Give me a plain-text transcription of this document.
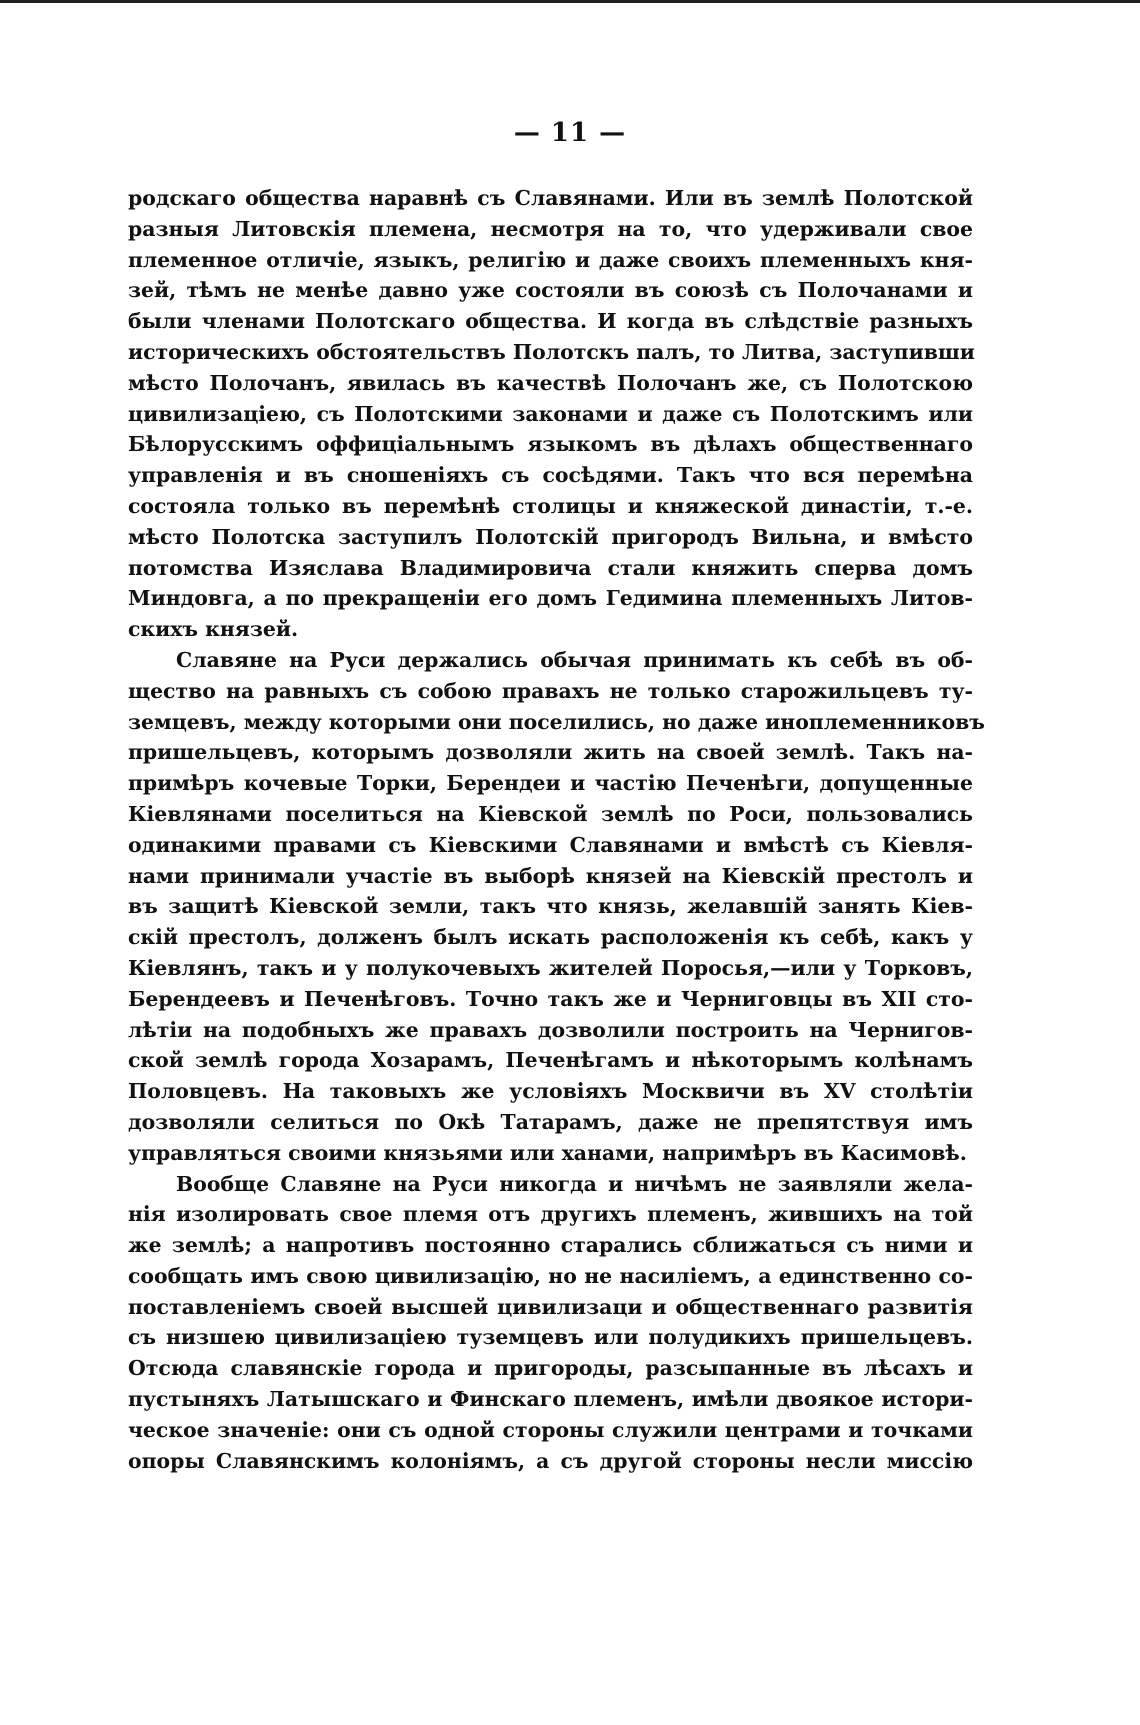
— 11 —
родскаго общества наравнѣ съ Славянами. Или въ землѣ Полотской
разныя Литовскія племена, несмотря на то, что удерживали свое
племенное отличіе, языкъ, религію и даже своихъ племенныхъ кня-
зей, тѣмъ не менѣе давно уже состояли въ союзѣ съ Полочанами и
были членами Полотскаго общества. И когда въ слѣдствіе разныхъ
историческихъ обстоятельствъ Полотскъ палъ, то Литва, заступивши
мѣсто Полочанъ, явилась въ качествѣ Полочанъ же, съ Полотскою
цивилизаціею, съ Полотскими законами и даже съ Полотскимъ или
Бѣлорусскимъ оффиціальнымъ языкомъ въ дѣлахъ общественнаго
управленія и въ сношеніяхъ съ сосѣдями. Такъ что вся перемѣна
состояла только въ перемѣнѣ столицы и княжеской династіи, т.-е.
мѣсто Полотска заступилъ Полотскій пригородъ Вильна, и вмѣсто
потомства Изяслава Владимировича стали княжить сперва домъ
Миндовга, а по прекращеніи его домъ Гедимина племенныхъ Литов-
скихъ князей.
Славяне на Руси держались обычая принимать къ себѣ въ об-
щество на равныхъ съ собою правахъ не только старожильцевъ ту-
земцевъ, между которыми они поселились, но даже иноплеменниковъ
пришельцевъ, которымъ дозволяли жить на своей землѣ. Такъ на-
примѣръ кочевые Торки, Берендеи и частію Печенѣги, допущенные
Кіевлянами поселиться на Кіевской землѣ по Роси, пользовались
одинакими правами съ Кіевскими Славянами и вмѣстѣ съ Кіевля-
нами принимали участіе въ выборѣ князей на Кіевскій престолъ и
въ защитѣ Кіевской земли, такъ что князь, желавшій занять Кіев-
скій престолъ, долженъ былъ искать расположенія къ себѣ, какъ у
Кіевлянъ, такъ и у полукочевыхъ жителей Поросья,—или у Торковъ,
Берендеевъ и Печенѣговъ. Точно такъ же и Черниговцы въ XII сто-
лѣтіи на подобныхъ же правахъ дозволили построить на Чернигов-
ской землѣ города Хозарамъ, Печенѣгамъ и нѣкоторымъ колѣнамъ
Половцевъ. На таковыхъ же условіяхъ Москвичи въ XV столѣтіи
дозволяли селиться по Окѣ Татарамъ, даже не препятствуя имъ
управляться своими князьями или ханами, напримѣръ въ Касимовѣ.
Вообще Славяне на Руси никогда и ничѣмъ не заявляли жела-
нія изолировать свое племя отъ другихъ племенъ, жившихъ на той
же землѣ; а напротивъ постоянно старались сближаться съ ними и
сообщать имъ свою цивилизацію, но не насиліемъ, а единственно со-
поставленіемъ своей высшей цивилизаци и общественнаго развитія
съ низшею цивилизаціею туземцевъ или полудикихъ пришельцевъ.
Отсюда славянскіе города и пригороды, разсыпанные въ лѣсахъ и
пустыняхъ Латышскаго и Финскаго племенъ, имѣли двоякое истори-
ческое значеніе: они съ одной стороны служили центрами и точками
опоры Славянскимъ колоніямъ, а съ другой стороны несли миссію
